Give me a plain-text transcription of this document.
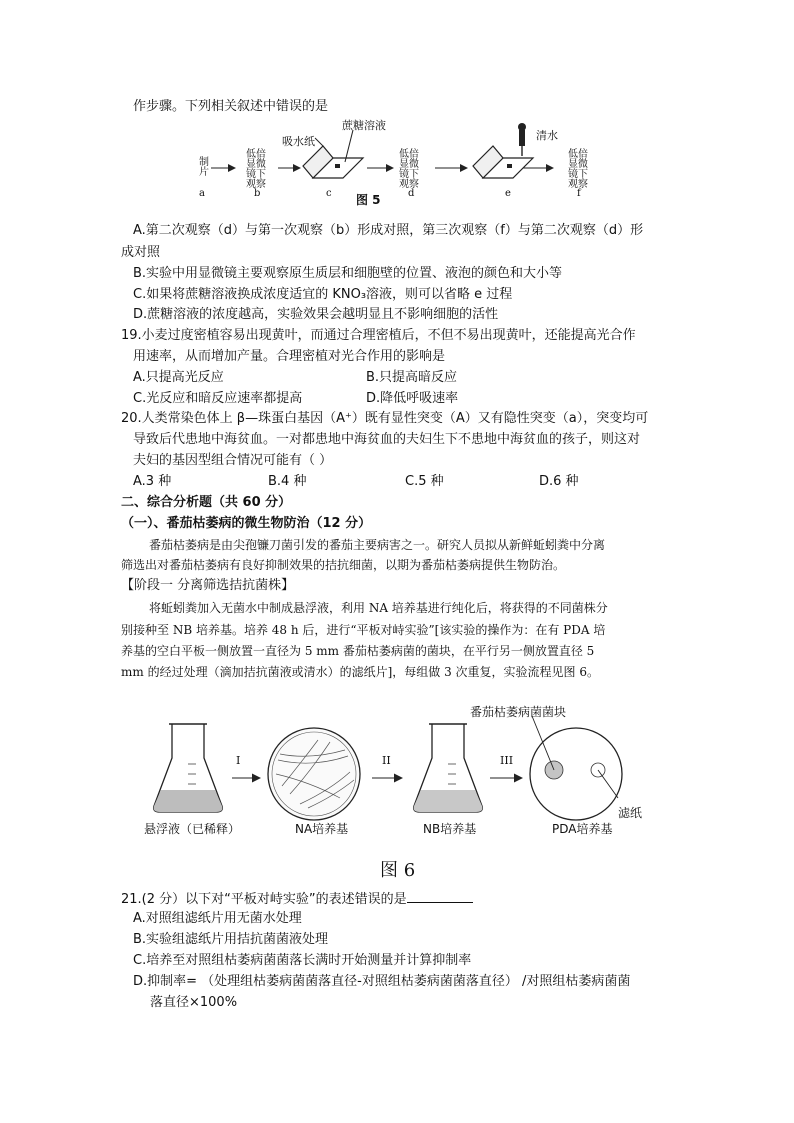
作步骤。下列相关叙述中错误的是
吸水纸
蔗糖溶液
清水
制片
低倍显微镜下观察
低倍显微镜下观察
低倍显微镜下观察
a	b	c	d	e	f
图 5
A.第二次观察（d）与第一次观察（b）形成对照，第三次观察（f）与第二次观察（d）形
成对照
B.实验中用显微镜主要观察原生质层和细胞壁的位置、液泡的颜色和大小等
C.如果将蔗糖溶液换成浓度适宜的 KNO₃溶液，则可以省略 e 过程
D.蔗糖溶液的浓度越高，实验效果会越明显且不影响细胞的活性
19.小麦过度密植容易出现黄叶，而通过合理密植后，不但不易出现黄叶，还能提高光合作
用速率，从而增加产量。合理密植对光合作用的影响是
A.只提高光反应	B.只提高暗反应
C.光反应和暗反应速率都提高	D.降低呼吸速率
20.人类常染色体上 β—珠蛋白基因（A⁺）既有显性突变（A）又有隐性突变（a），突变均可
导致后代患地中海贫血。一对都患地中海贫血的夫妇生下不患地中海贫血的孩子，则这对
夫妇的基因型组合情况可能有（ ）
A.3 种	B.4 种	C.5 种	D.6 种
二、综合分析题（共 60 分）
（一）、番茄枯萎病的微生物防治（12 分）
番茄枯萎病是由尖孢镰刀菌引发的番茄主要病害之一。研究人员拟从新鲜蚯蚓粪中分离
筛选出对番茄枯萎病有良好抑制效果的拮抗细菌，以期为番茄枯萎病提供生物防治。
【阶段一 分离筛选拮抗菌株】
将蚯蚓粪加入无菌水中制成悬浮液，利用 NA 培养基进行纯化后，将获得的不同菌株分
别接种至 NB 培养基。培养 48 h 后，进行“平板对峙实验”[该实验的操作为：在有 PDA 培
养基的空白平板一侧放置一直径为 5 mm 番茄枯萎病菌的菌块，在平行另一侧放置直径 5
mm 的经过处理（滴加拮抗菌液或清水）的滤纸片]，每组做 3 次重复，实验流程见图 6。
I	II	III
番茄枯萎病菌菌块
滤纸
悬浮液（已稀释）	NA培养基	NB培养基	PDA培养基
图 6
21.(2 分）以下对“平板对峙实验”的表述错误的是
A.对照组滤纸片用无菌水处理
B.实验组滤纸片用拮抗菌菌液处理
C.培养至对照组枯萎病菌菌落长满时开始测量并计算抑制率
D.抑制率= （处理组枯萎病菌菌落直径-对照组枯萎病菌菌落直径） /对照组枯萎病菌菌
落直径×100%
